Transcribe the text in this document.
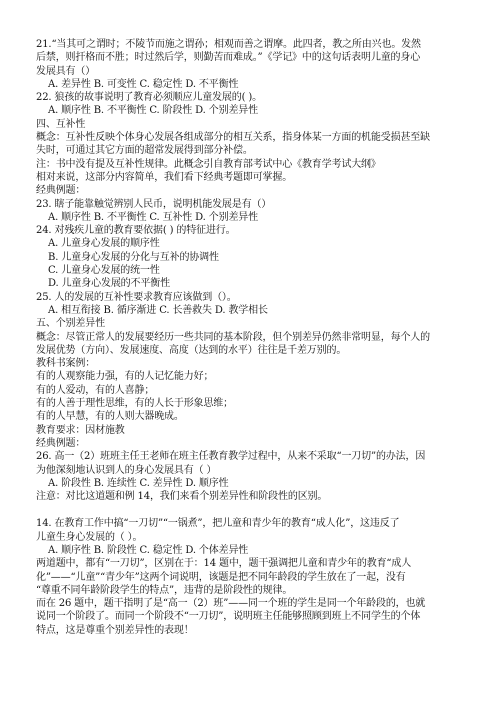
21.“当其可之谓时；不陵节而施之谓孙；相观而善之谓摩。此四者，教之所由兴也。发然
后禁，则扞格而不胜；时过然后学，则勤苦而难成。”《学记》中的这句话表明儿童的身心
发展具有（）
A. 差异性 B. 可变性 C. 稳定性 D. 不平衡性
22. 狼孩的故事说明了教育必须顺应儿童发展的( )。
A. 顺序性 B. 不平衡性 C. 阶段性 D. 个别差异性
四、互补性
概念：互补性反映个体身心发展各组成部分的相互关系，指身体某一方面的机能受损甚至缺
失时，可通过其它方面的超常发展得到部分补偿。
注：书中没有提及互补性规律。此概念引自教育部考试中心《教育学考试大纲》
相对来说，这部分内容简单，我们看下经典考题即可掌握。
经典例题：
23. 瞎子能靠触觉辨别人民币，说明机能发展是有（）
A. 顺序性 B. 不平衡性 C. 互补性 D. 个别差异性
24. 对残疾儿童的教育要依据( ) 的特征进行。
A. 儿童身心发展的顺序性
B. 儿童身心发展的分化与互补的协调性
C. 儿童身心发展的统一性
D. 儿童身心发展的不平衡性
25. 人的发展的互补性要求教育应该做到（）。
A. 相互衔接 B. 循序渐进 C. 长善救失 D. 教学相长
五、个别差异性
概念：尽管正常人的发展要经历一些共同的基本阶段，但个别差异仍然非常明显，每个人的
发展优势（方向）、发展速度、高度（达到的水平）往往是千差万别的。
教科书案例：
有的人观察能力强，有的人记忆能力好；
有的人爱动，有的人喜静；
有的人善于理性思维，有的人长于形象思维；
有的人早慧，有的人则大器晚成。
教育要求：因材施教
经典例题：
26. 高一（2）班班主任王老师在班主任教育教学过程中，从来不采取“一刀切”的办法，因
为他深刻地认识到人的身心发展具有（ ）
A. 阶段性 B. 连续性 C. 差异性 D. 顺序性
注意：对比这道题和例 14，我们来看个别差异性和阶段性的区别。
14. 在教育工作中搞“一刀切”“一锅煮”，把儿童和青少年的教育“成人化”，这违反了
儿童生身心发展的（ ）。
A. 顺序性 B. 阶段性 C. 稳定性 D. 个体差异性
两道题中，都有“一刀切”，区别在于：14 题中，题干强调把儿童和青少年的教育“成人
化”——“儿童”“青少年”这两个词说明，该题是把不同年龄段的学生放在了一起，没有
“尊重不同年龄阶段学生的特点”，违背的是阶段性的规律。
而在 26 题中，题干指明了是“高一（2）班”——同一个班的学生是同一个年龄段的，也就
说同一个阶段了。而同一个阶段不“一刀切”，说明班主任能够照顾到班上不同学生的个体
特点，这是尊重个别差异性的表现！
